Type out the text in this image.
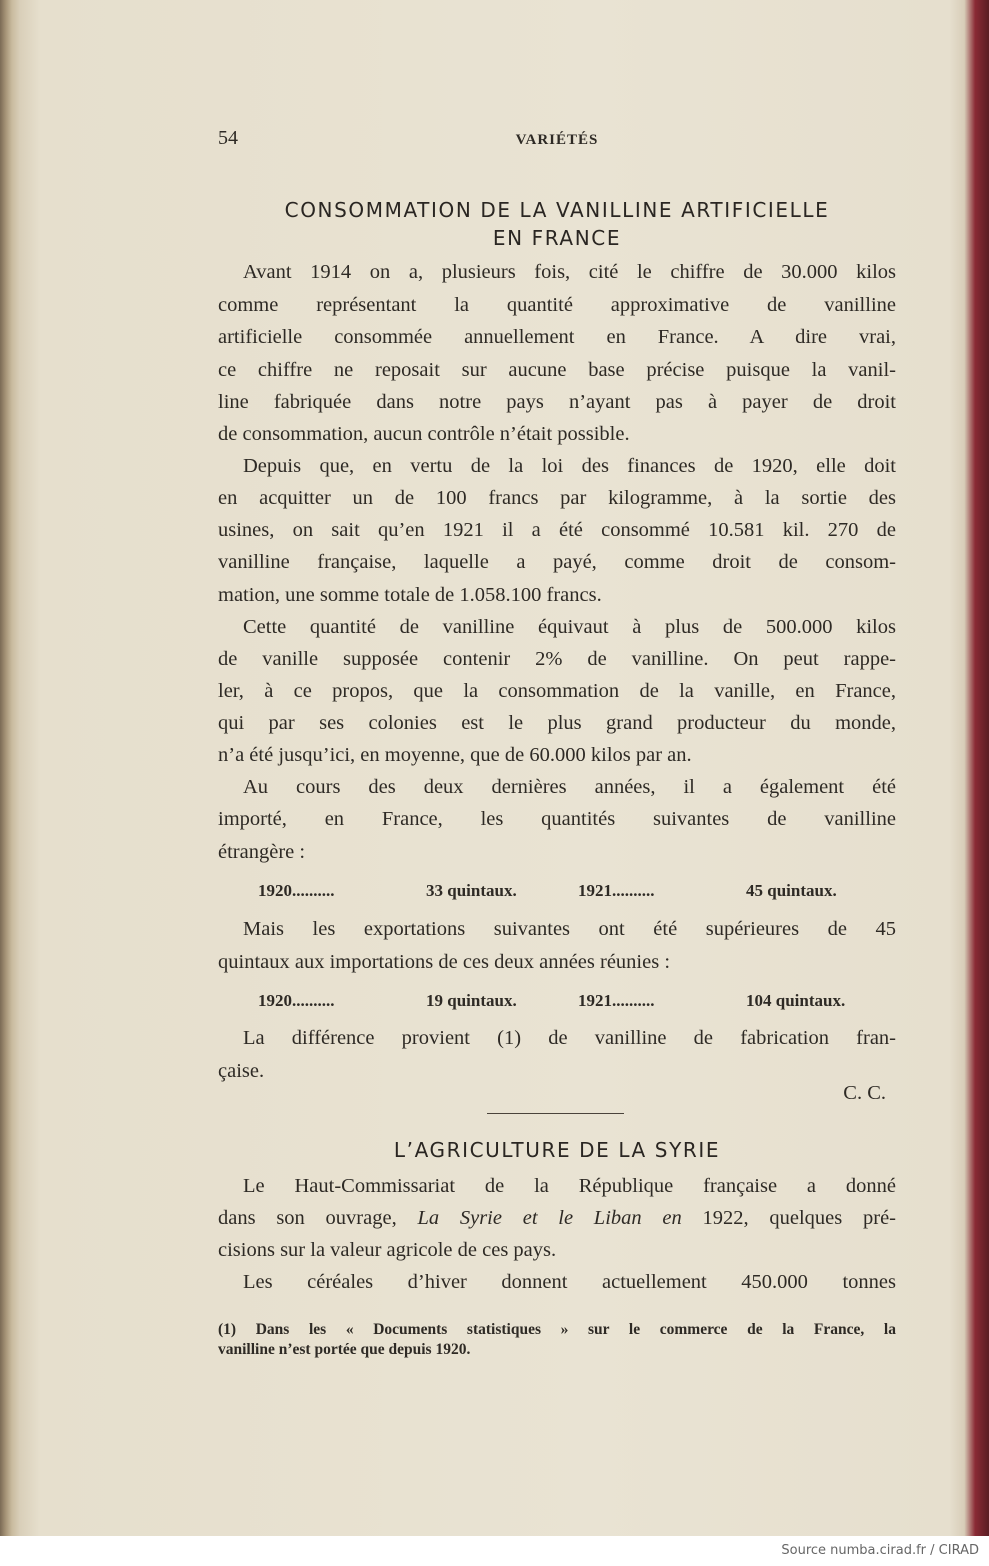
54	VARIÉTÉS
CONSOMMATION DE LA VANILLINE ARTIFICIELLE
EN FRANCE
Avant 1914 on a, plusieurs fois, cité le chiffre de 30.000 kilos
comme représentant la quantité approximative de vanilline
artificielle consommée annuellement en France. A dire vrai,
ce chiffre ne reposait sur aucune base précise puisque la vanil-
line fabriquée dans notre pays n’ayant pas à payer de droit
de consommation, aucun contrôle n’était possible.
Depuis que, en vertu de la loi des finances de 1920, elle doit
en acquitter un de 100 francs par kilogramme, à la sortie des
usines, on sait qu’en 1921 il a été consommé 10.581 kil. 270 de
vanilline française, laquelle a payé, comme droit de consom-
mation, une somme totale de 1.058.100 francs.
Cette quantité de vanilline équivaut à plus de 500.000 kilos
de vanille supposée contenir 2% de vanilline. On peut rappe-
ler, à ce propos, que la consommation de la vanille, en France,
qui par ses colonies est le plus grand producteur du monde,
n’a été jusqu’ici, en moyenne, que de 60.000 kilos par an.
Au cours des deux dernières années, il a également été
importé, en France, les quantités suivantes de vanilline
étrangère :
1920..........	33 quintaux.	1921..........	45 quintaux.
Mais les exportations suivantes ont été supérieures de 45
quintaux aux importations de ces deux années réunies :
1920..........	19 quintaux.	1921..........	104 quintaux.
La différence provient (1) de vanilline de fabrication fran-
çaise.
C. C.
L’AGRICULTURE DE LA SYRIE
Le Haut-Commissariat de la République française a donné
dans son ouvrage, La Syrie et le Liban en 1922, quelques pré-
cisions sur la valeur agricole de ces pays.
Les céréales d’hiver donnent actuellement 450.000 tonnes
(1) Dans les « Documents statistiques » sur le commerce de la France, la
vanilline n’est portée que depuis 1920.
Source numba.cirad.fr / CIRAD
